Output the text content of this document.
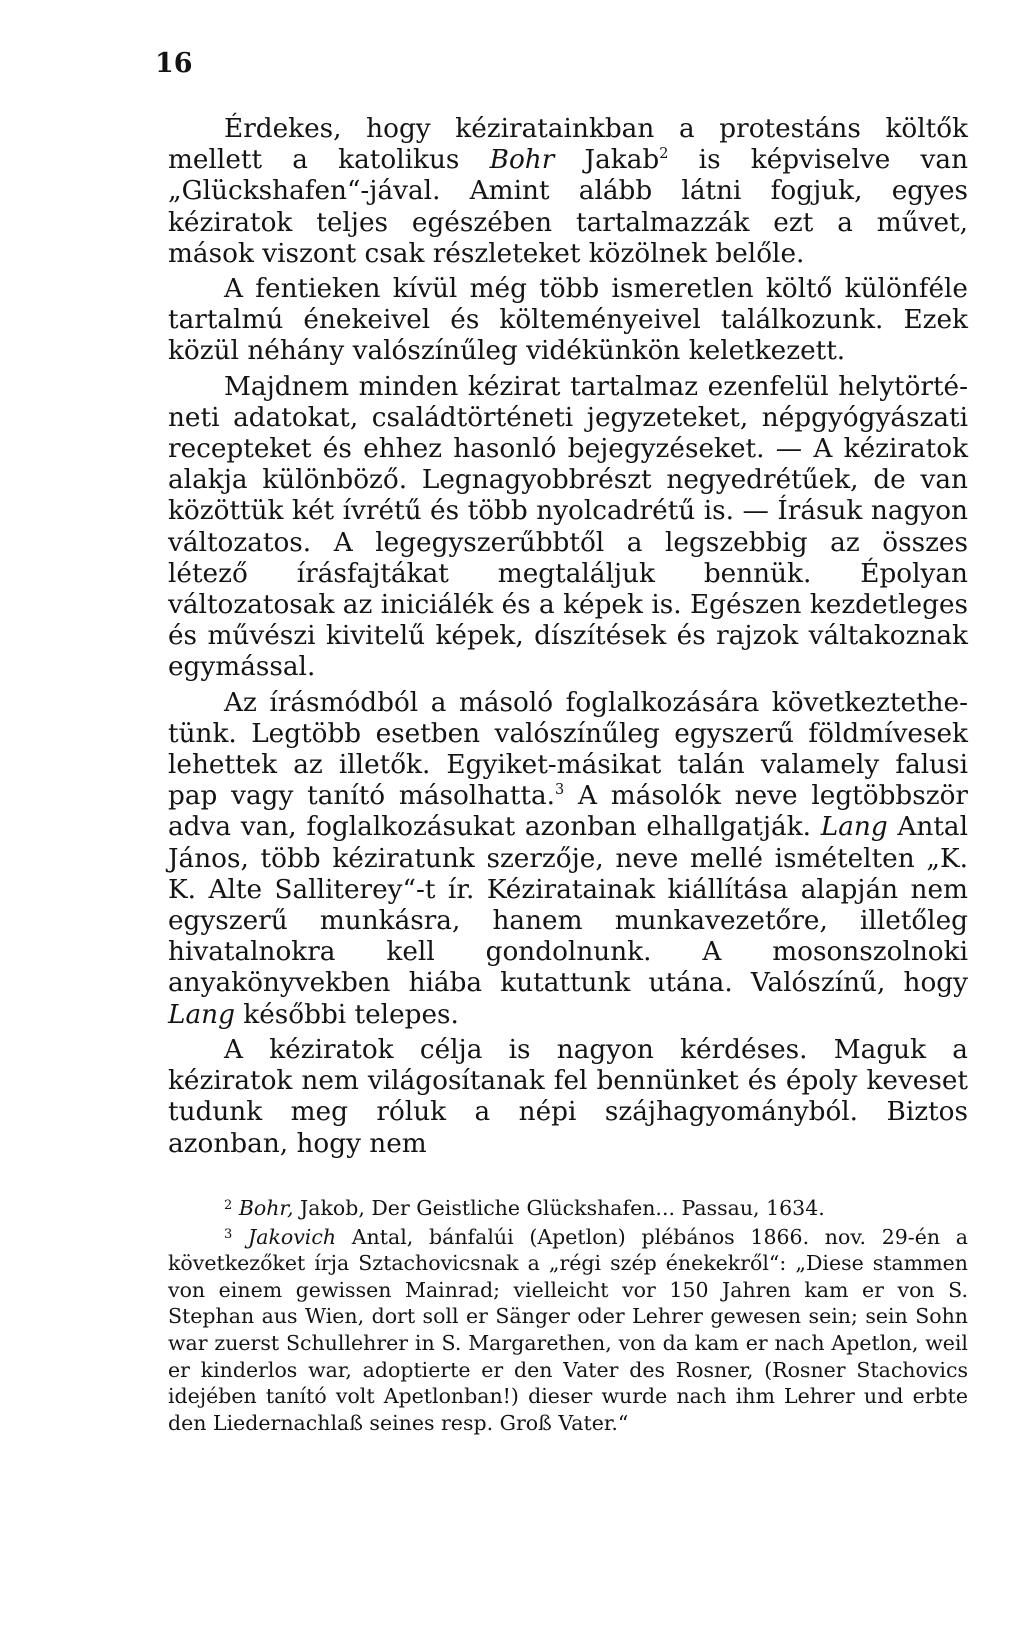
16

Érdekes, hogy kéziratainkban a protestáns költők mellett a katolikus Bohr Jakab$^2$ is képviselve van „Glückshafen“-jával. Amint alább látni fogjuk, egyes kéziratok teljes egészében tartalmazzák ezt a művet, mások viszont csak részleteket közölnek belőle.

A fentieken kívül még több ismeretlen költő különféle tartalmú énekeivel és költeményeivel találkozunk. Ezek közül néhány valószínűleg vidékünkön keletkezett.

Majdnem minden kézirat tartalmaz ezenfelül helytörténeti adatokat, családtörténeti jegyzeteket, népgyógyászati recepteket és ehhez hasonló bejegyzéseket. — A kéziratok alakja különböző. Legnagyobbrészt negyedrétűek, de van közöttük két ívrétű és több nyolcadrétű is. — Írásuk nagyon változatos. A legegyszerűbbtől a legszebbig az összes létező írásfajtákat megtaláljuk bennük. Épolyan változatosak az iniciálék és a képek is. Egészen kezdetleges és művészi kivitelű képek, díszítések és rajzok váltakoznak egymással.

Az írásmódból a másoló foglalkozására következtethetünk. Legtöbb esetben valószínűleg egyszerű földmívesek lehettek az illetők. Egyiket-másikat talán valamely falusi pap vagy tanító másolhatta.$^3$ A másolók neve legtöbbször adva van, foglalkozásukat azonban elhallgatják. Lang Antal János, több kéziratunk szerzője, neve mellé ismételten „K. K. Alte Salliterey“-t ír. Kéziratainak kiállítása alapján nem egyszerű munkásra, hanem munkavezetőre, illetőleg hivatalnokra kell gondolnunk. A mosonszolnoki anyakönyvekben hiába kutattunk utána. Valószínű, hogy Lang későbbi telepes.

A kéziratok célja is nagyon kérdéses. Maguk a kéziratok nem világosítanak fel bennünket és époly keveset tudunk meg róluk a népi szájhagyományból. Biztos azonban, hogy nem

$^2$ Bohr, Jakob, Der Geistliche Glückshafen... Passau, 1634.

$^3$ Jakovich Antal, bánfalúi (Apetlon) plébános 1866. nov. 29-én a következőket írja Sztachovicsnak a „régi szép énekekről“: „Diese stammen von einem gewissen Mainrad; vielleicht vor 150 Jahren kam er von S. Stephan aus Wien, dort soll er Sänger oder Lehrer gewesen sein; sein Sohn war zuerst Schullehrer in S. Margarethen, von da kam er nach Apetlon, weil er kinderlos war, adoptierte er den Vater des Rosner, (Rosner Stachovics idejében tanító volt Apetlonban!) dieser wurde nach ihm Lehrer und erbte den Liedernachlaß seines resp. Groß Vater.“
